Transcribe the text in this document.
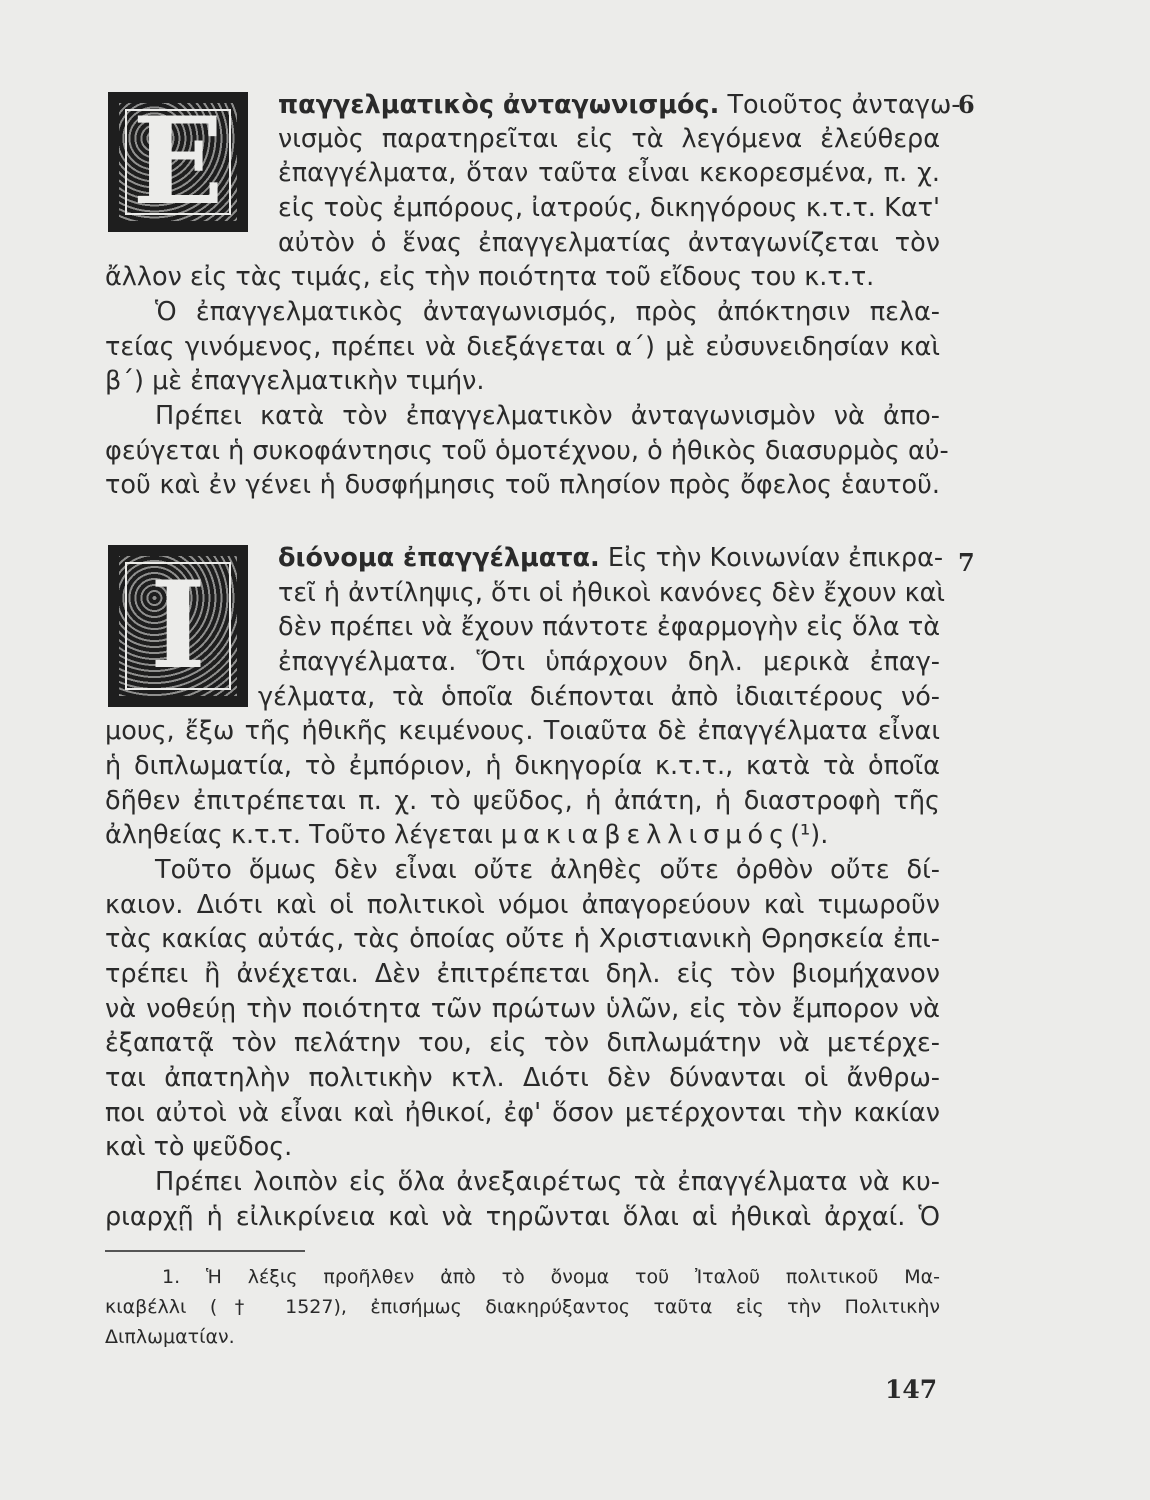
6
E	παγγελματικὸς ἀνταγωνισμός. Τοιοῦτος ἀνταγω-
νισμὸς παρατηρεῖται εἰς τὰ λεγόμενα ἐλεύθερα
ἐπαγγέλματα, ὅταν ταῦτα εἶναι κεκορεσμένα, π. χ.
εἰς τοὺς ἐμπόρους, ἰατρούς, δικηγόρους κ.τ.τ. Κατ'
αὐτὸν ὁ ἕνας ἐπαγγελματίας ἀνταγωνίζεται τὸν
ἄλλον εἰς τὰς τιμάς, εἰς τὴν ποιότητα τοῦ εἴδους του κ.τ.τ.
Ὁ ἐπαγγελματικὸς ἀνταγωνισμός, πρὸς ἀπόκτησιν πελα-
τείας γινόμενος, πρέπει νὰ διεξάγεται α΄) μὲ εὐσυνειδησίαν καὶ
β΄) μὲ ἐπαγγελματικὴν τιμήν.
Πρέπει κατὰ τὸν ἐπαγγελματικὸν ἀνταγωνισμὸν νὰ ἀπο-
φεύγεται ἡ συκοφάντησις τοῦ ὁμοτέχνου, ὁ ἠθικὸς διασυρμὸς αὐ-
τοῦ καὶ ἐν γένει ἡ δυσφήμησις τοῦ πλησίον πρὸς ὄφελος ἑαυτοῦ.
7
I	διόνομα ἐπαγγέλματα. Εἰς τὴν Κοινωνίαν ἐπικρα-
τεῖ ἡ ἀντίληψις, ὅτι οἱ ἠθικοὶ κανόνες δὲν ἔχουν καὶ
δὲν πρέπει νὰ ἔχουν πάντοτε ἐφαρμογὴν εἰς ὅλα τὰ
ἐπαγγέλματα. Ὅτι ὑπάρχουν δηλ. μερικὰ ἐπαγ-
γέλματα, τὰ ὁποῖα διέπονται ἀπὸ ἰδιαιτέρους νό-
μους, ἔξω τῆς ἠθικῆς κειμένους. Τοιαῦτα δὲ ἐπαγγέλματα εἶναι
ἡ διπλωματία, τὸ ἐμπόριον, ἡ δικηγορία κ.τ.τ., κατὰ τὰ ὁποῖα
δῆθεν ἐπιτρέπεται π. χ. τὸ ψεῦδος, ἡ ἀπάτη, ἡ διαστροφὴ τῆς
ἀληθείας κ.τ.τ. Τοῦτο λέγεται μακιαβελλισμός(¹).
Τοῦτο ὅμως δὲν εἶναι οὔτε ἀληθὲς οὔτε ὀρθὸν οὔτε δί-
καιον. Διότι καὶ οἱ πολιτικοὶ νόμοι ἀπαγορεύουν καὶ τιμωροῦν
τὰς κακίας αὐτάς, τὰς ὁποίας οὔτε ἡ Χριστιανικὴ Θρησκεία ἐπι-
τρέπει ἢ ἀνέχεται. Δὲν ἐπιτρέπεται δηλ. εἰς τὸν βιομήχανον
νὰ νοθεύῃ τὴν ποιότητα τῶν πρώτων ὑλῶν, εἰς τὸν ἔμπορον νὰ
ἐξαπατᾷ τὸν πελάτην του, εἰς τὸν διπλωμάτην νὰ μετέρχε-
ται ἀπατηλὴν πολιτικὴν κτλ. Διότι δὲν δύνανται οἱ ἄνθρω-
ποι αὐτοὶ νὰ εἶναι καὶ ἠθικοί, ἐφ' ὅσον μετέρχονται τὴν κακίαν
καὶ τὸ ψεῦδος.
Πρέπει λοιπὸν εἰς ὅλα ἀνεξαιρέτως τὰ ἐπαγγέλματα νὰ κυ-
ριαρχῇ ἡ εἰλικρίνεια καὶ νὰ τηρῶνται ὅλαι αἱ ἠθικαὶ ἀρχαί. Ὁ
1. Ἡ λέξις προῆλθεν ἀπὸ τὸ ὄνομα τοῦ Ἰταλοῦ πολιτικοῦ Μα-
κιαβέλλι († 1527), ἐπισήμως διακηρύξαντος ταῦτα εἰς τὴν Πολιτικὴν
Διπλωματίαν.
147
